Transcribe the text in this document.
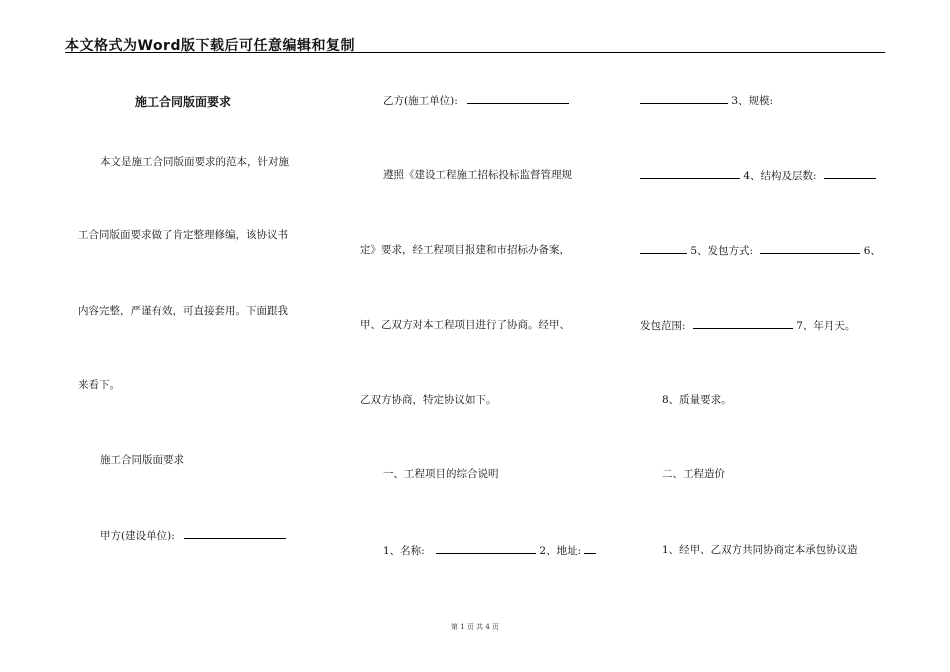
本文格式为Word版下载后可任意编辑和复制
施工合同版面要求
本文是施工合同版面要求的范本，针对施
工合同版面要求做了肯定整理修编，该协议书
内容完整，严谨有效，可直接套用。下面跟我
来看下。
施工合同版面要求
甲方(建设单位):
乙方(施工单位):
遵照《建设工程施工招标投标监督管理规
定》要求，经工程项目报建和市招标办备案，
甲、乙双方对本工程项目进行了协商。经甲、
乙双方协商，特定协议如下。
一、工程项目的综合说明
1、名称:	2、地址:
3、规模:
4、结构及层数:
5、发包方式:	6、
发包范围:	7、年月天。
8、质量要求。
二、工程造价
1、经甲、乙双方共同协商定本承包协议造
第 1 页 共 4 页
